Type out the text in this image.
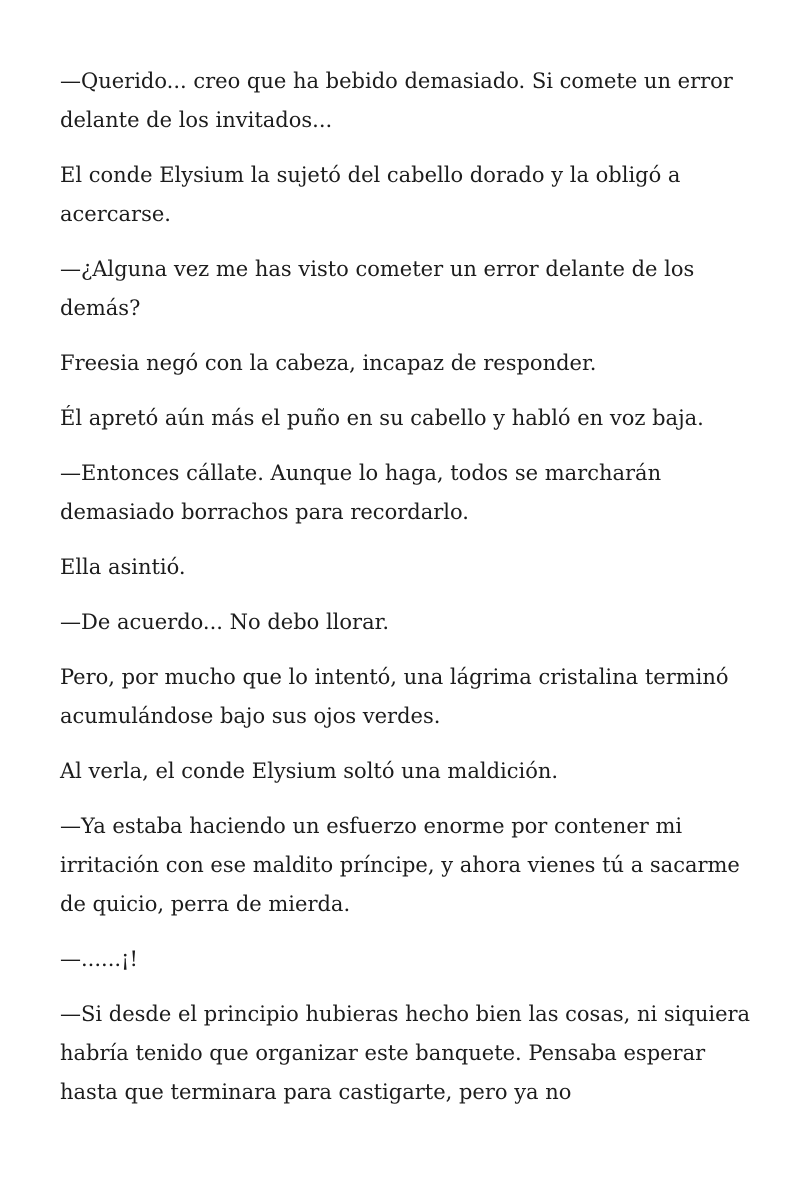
—Querido... creo que ha bebido demasiado. Si comete un error delante de los invitados...

El conde Elysium la sujetó del cabello dorado y la obligó a acercarse.

—¿Alguna vez me has visto cometer un error delante de los demás?

Freesia negó con la cabeza, incapaz de responder.

Él apretó aún más el puño en su cabello y habló en voz baja.

—Entonces cállate. Aunque lo haga, todos se marcharán demasiado borrachos para recordarlo.

Ella asintió.

—De acuerdo... No debo llorar.

Pero, por mucho que lo intentó, una lágrima cristalina terminó acumulándose bajo sus ojos verdes.

Al verla, el conde Elysium soltó una maldición.

—Ya estaba haciendo un esfuerzo enorme por contener mi irritación con ese maldito príncipe, y ahora vienes tú a sacarme de quicio, perra de mierda.

—......¡!

—Si desde el principio hubieras hecho bien las cosas, ni siquiera habría tenido que organizar este banquete. Pensaba esperar hasta que terminara para castigarte, pero ya no
